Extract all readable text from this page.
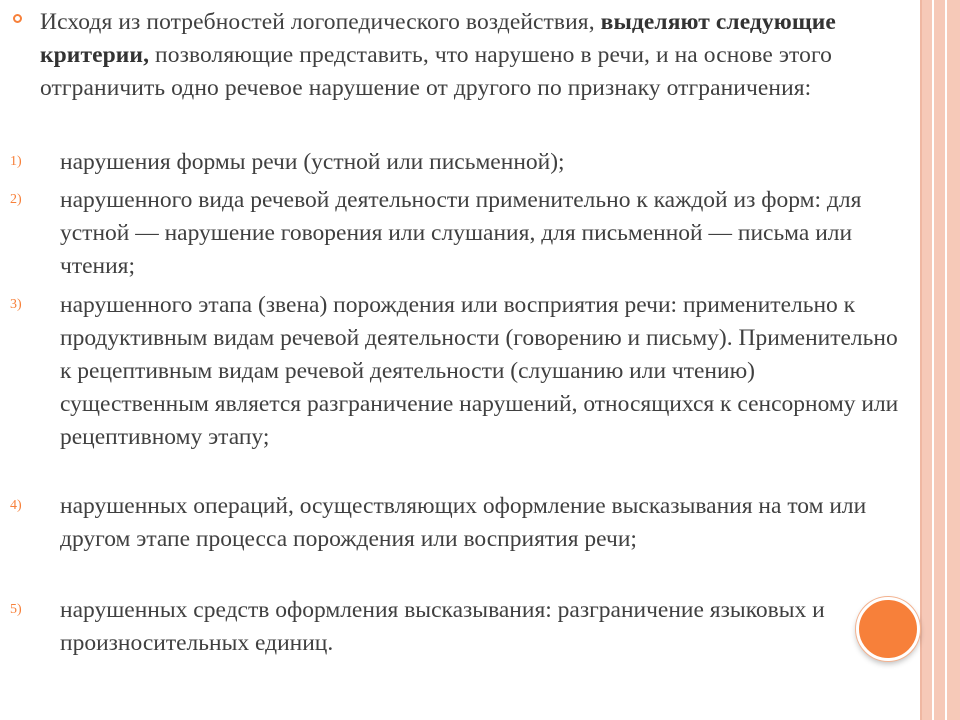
Исходя из потребностей логопедического воздействия, выделяют следующие критерии, позволяющие представить, что нарушено в речи, и на основе этого отграничить одно речевое нарушение от другого по признаку отграничения:
1) нарушения формы речи (устной или письменной);
2) нарушенного вида речевой деятельности применительно к каждой из форм: для устной — нарушение говорения или слушания, для письменной — письма или чтения;
3) нарушенного этапа (звена) порождения или восприятия речи: применительно к продуктивным видам речевой деятельности (говорению и письму). Применительно к рецептивным видам речевой деятельности (слушанию или чтению) существенным является разграничение нарушений, относящихся к сенсорному или рецептивному этапу;
4) нарушенных операций, осуществляющих оформление высказывания на том или другом этапе процесса порождения или восприятия речи;
5) нарушенных средств оформления высказывания: разграничение языковых и произносительных единиц.
